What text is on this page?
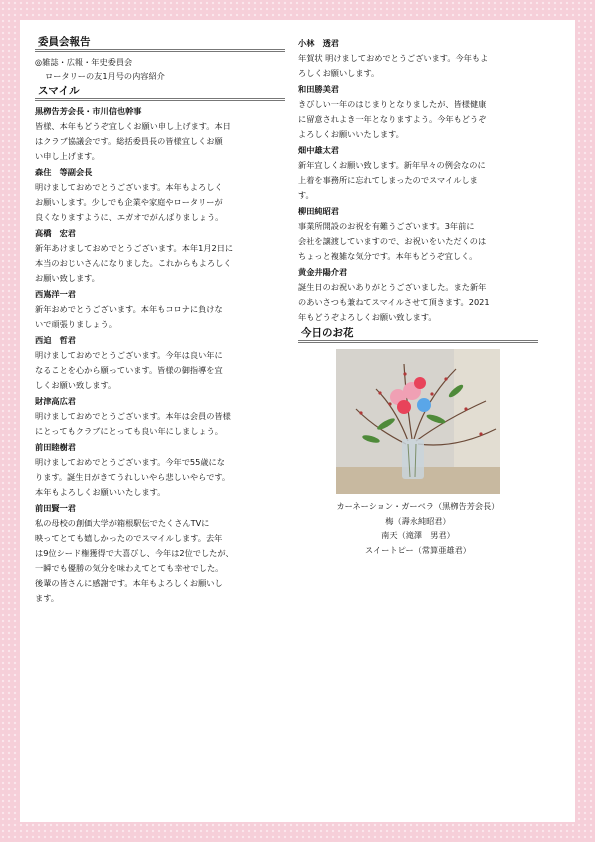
委員会報告
◎雑誌・広報・年史委員会
ロータリーの友1月号の内容紹介
スマイル
黒栁告芳会長・市川信也幹事
皆様、本年もどうぞ宜しくお願い申し上げます。本日
はクラブ協議会です。総括委員長の皆様宜しくお願
い申し上げます。
森住　等副会長
明けましておめでとうございます。本年もよろしく
お願いします。少しでも企業や家庭やロータリーが
良くなりますように、エガオでがんばりましょう。
高橋　宏君
新年あけましておめでとうございます。本年1月2日に
本当のおじいさんになりました。これからもよろしく
お願い致します。
西嶌洋一君
新年おめでとうございます。本年もコロナに負けな
いで頑張りましょう。
西迫　哲君
明けましておめでとうございます。今年は良い年に
なることを心から願っています。皆様の御指導を宜
しくお願い致します。
財津高広君
明けましておめでとうございます。本年は会員の皆様
にとってもクラブにとっても良い年にしましょう。
前田睦樹君
明けましておめでとうございます。今年で55歳にな
ります。誕生日がきてうれしいやら悲しいやらです。
本年もよろしくお願いいたします。
前田賢一君
私の母校の創価大学が箱根駅伝でたくさんTVに
映ってとても嬉しかったのでスマイルします。去年
は9位シード権獲得で大喜びし、今年は2位でしたが、
一瞬でも優勝の気分を味わえてとても幸せでした。
後輩の皆さんに感謝です。本年もよろしくお願いし
ます。
小林　透君
年賀状 明けましておめでとうございます。今年もよ
ろしくお願いします。
和田勝美君
きびしい一年のはじまりとなりましたが、皆様健康
に留意されよき一年となりますよう。今年もどうぞ
よろしくお願いいたします。
畑中雄太君
新年宜しくお願い致します。新年早々の例会なのに
上着を事務所に忘れてしまったのでスマイルしま
す。
柳田純昭君
事業所開設のお祝を有難うございます。3年前に
会社を譲渡していますので、お祝いをいただくのは
ちょっと複雑な気分です。本年もどうぞ宜しく。
黄金井陽介君
誕生日のお祝いありがとうございました。また新年
のあいさつも兼ねてスマイルさせて頂きます。2021
年もどうぞよろしくお願い致します。
今日のお花
カーネーション・ガーベラ（黒栁告芳会長）
梅（壽永純昭君）
南天（滝澤　男君）
スイートピー（常算亜雄君）
